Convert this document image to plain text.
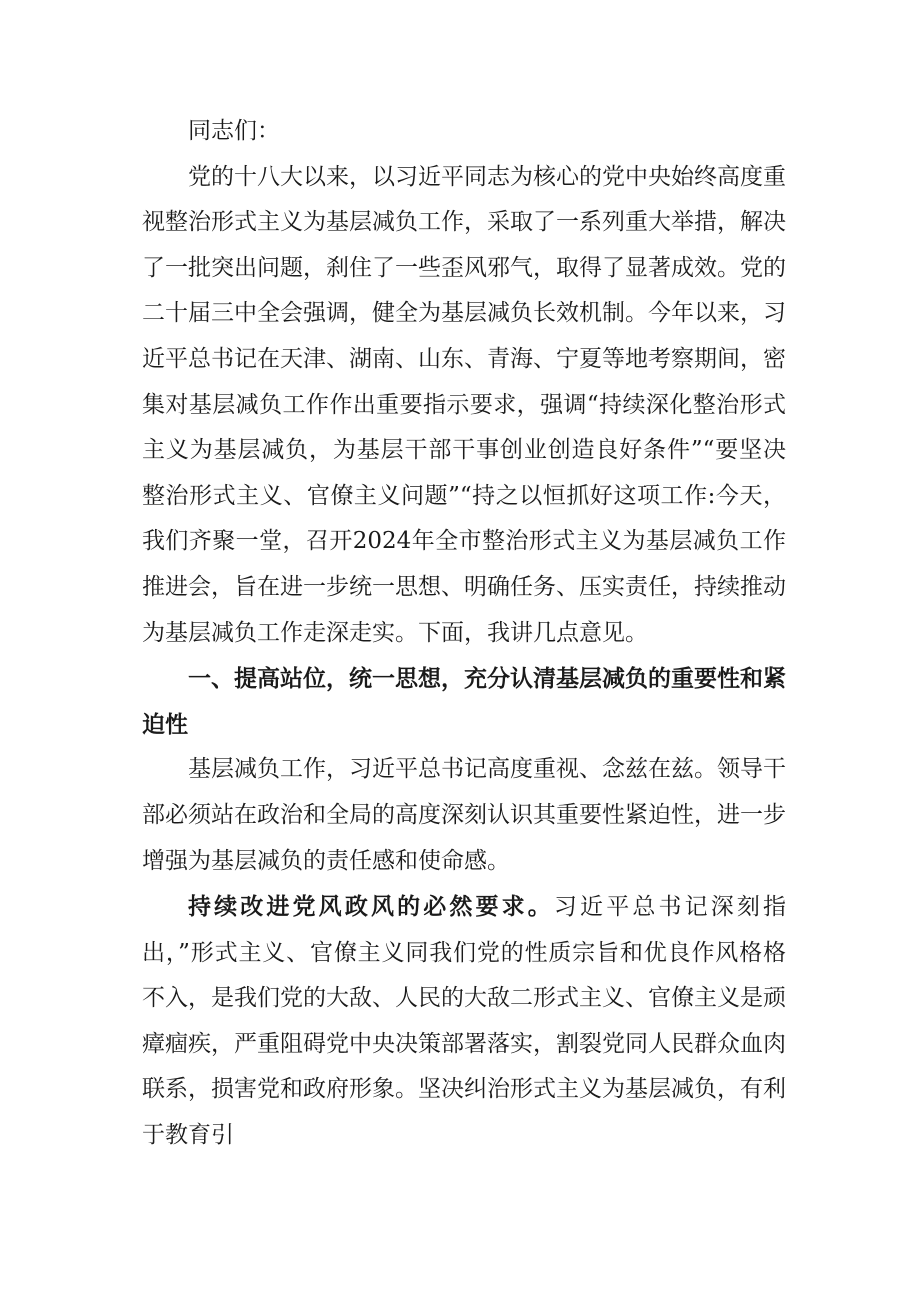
同志们：

党的十八大以来，以习近平同志为核心的党中央始终高度重视整治形式主义为基层减负工作，采取了一系列重大举措，解决了一批突出问题，刹住了一些歪风邪气，取得了显著成效。党的二十届三中全会强调，健全为基层减负长效机制。今年以来，习近平总书记在天津、湖南、山东、青海、宁夏等地考察期间，密集对基层减负工作作出重要指示要求，强调“持续深化整治形式主义为基层减负，为基层干部干事创业创造良好条件”“要坚决整治形式主义、官僚主义问题”“持之以恒抓好这项工作:今天，我们齐聚一堂，召开2024年全市整治形式主义为基层减负工作推进会，旨在进一步统一思想、明确任务、压实责任，持续推动为基层减负工作走深走实。下面，我讲几点意见。

一、提高站位，统一思想，充分认清基层减负的重要性和紧迫性

基层减负工作，习近平总书记高度重视、念兹在兹。领导干部必须站在政治和全局的高度深刻认识其重要性紧迫性，进一步增强为基层减负的责任感和使命感。

持续改进党风政风的必然要求。习近平总书记深刻指出，”形式主义、官僚主义同我们党的性质宗旨和优良作风格格不入，是我们党的大敌、人民的大敌二形式主义、官僚主义是顽瘴痼疾，严重阻碍党中央决策部署落实，割裂党同人民群众血肉联系，损害党和政府形象。坚决纠治形式主义为基层减负，有利于教育引
